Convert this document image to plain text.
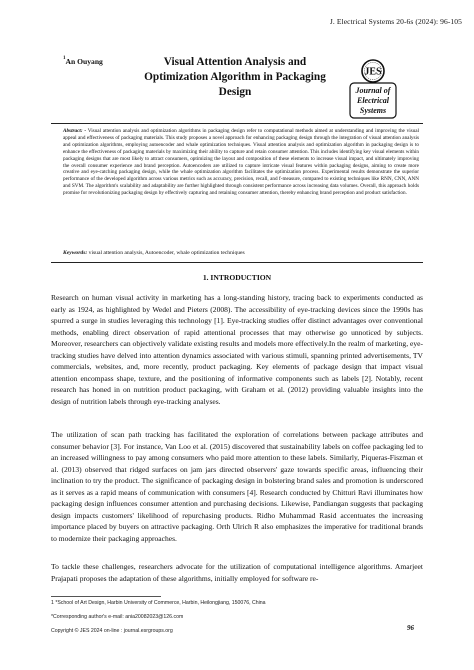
J. Electrical Systems 20-6s (2024): 96-105
$^1$An Ouyang	Visual Attention Analysis and Optimization Algorithm in Packaging Design
JES
Journal of
Electrical
Systems
Abstract: - Visual attention analysis and optimization algorithms in packaging design refer to computational methods aimed at understanding and improving the visual appeal and effectiveness of packaging materials. This study proposes a novel approach for enhancing packaging design through the integration of visual attention analysis and optimization algorithms, employing autoencoder and whale optimization techniques. Visual attention analysis and optimization algorithm in packaging design is to enhance the effectiveness of packaging materials by maximizing their ability to capture and retain consumer attention. This includes identifying key visual elements within packaging designs that are most likely to attract consumers, optimizing the layout and composition of these elements to increase visual impact, and ultimately improving the overall consumer experience and brand perception. Autoencoders are utilized to capture intricate visual features within packaging designs, aiming to create more creative and eye-catching packaging design, while the whale optimization algorithm facilitates the optimization process. Experimental results demonstrate the superior performance of the developed algorithm across various metrics such as accuracy, precision, recall, and f-measure, compared to existing techniques like RNN, CNN, ANN and SVM. The algorithm's scalability and adaptability are further highlighted through consistent performance across increasing data volumes. Overall, this approach holds promise for revolutionizing packaging design by effectively capturing and retaining consumer attention, thereby enhancing brand perception and product satisfaction.
Keywords: visual attention analysis, Autoencoder, whale optimization techniques
1. INTRODUCTION
Research on human visual activity in marketing has a long-standing history, tracing back to experiments conducted as early as 1924, as highlighted by Wedel and Pieters (2008). The accessibility of eye-tracking devices since the 1990s has spurred a surge in studies leveraging this technology [1]. Eye-tracking studies offer distinct advantages over conventional methods, enabling direct observation of rapid attentional processes that may otherwise go unnoticed by subjects. Moreover, researchers can objectively validate existing results and models more effectively.In the realm of marketing, eye-tracking studies have delved into attention dynamics associated with various stimuli, spanning printed advertisements, TV commercials, websites, and, more recently, product packaging. Key elements of package design that impact visual attention encompass shape, texture, and the positioning of informative components such as labels [2]. Notably, recent research has honed in on nutrition product packaging, with Graham et al. (2012) providing valuable insights into the design of nutrition labels through eye-tracking analyses.
The utilization of scan path tracking has facilitated the exploration of correlations between package attributes and consumer behavior [3]. For instance, Van Loo et al. (2015) discovered that sustainability labels on coffee packaging led to an increased willingness to pay among consumers who paid more attention to these labels. Similarly, Piqueras-Fiszman et al. (2013) observed that ridged surfaces on jam jars directed observers' gaze towards specific areas, influencing their inclination to try the product. The significance of packaging design in bolstering brand sales and promotion is underscored as it serves as a rapid means of communication with consumers [4]. Research conducted by Chitturi Ravi illuminates how packaging design influences consumer attention and purchasing decisions. Likewise, Pandiangan suggests that packaging design impacts customers' likelihood of repurchasing products. Ridho Muhammad Rasid accentuates the increasing importance placed by buyers on attractive packaging. Orth Ulrich R also emphasizes the imperative for traditional brands to modernize their packaging approaches.
To tackle these challenges, researchers advocate for the utilization of computational intelligence algorithms. Amarjeet Prajapati proposes the adaptation of these algorithms, initially employed for software re-
1 *School of Art Design, Harbin University of Commerce, Harbin, Heilongjiang, 150076, China
*Corresponding author's e-mail: ania20082023@126.com
Copyright © JES 2024 on-line : journal.esrgroups.org	96
